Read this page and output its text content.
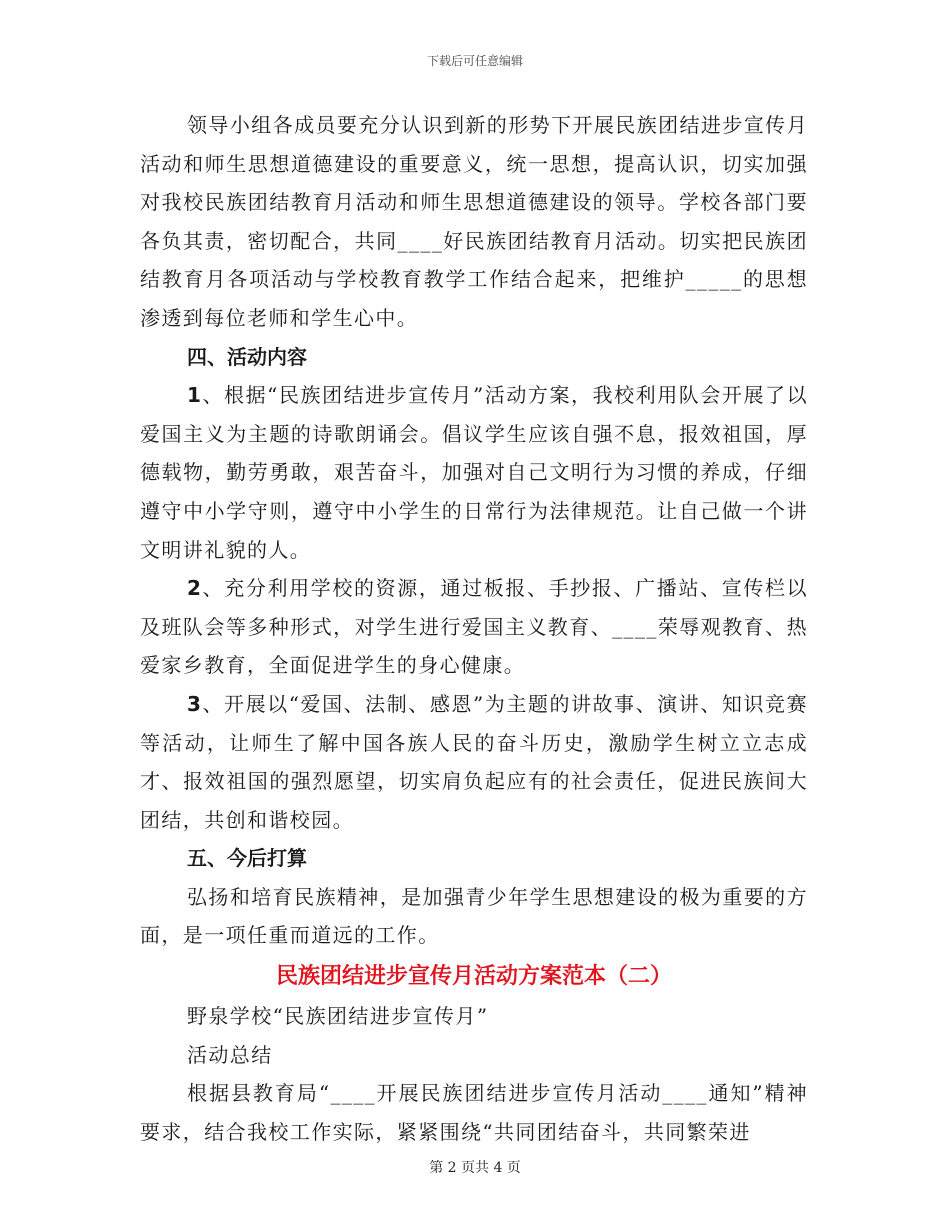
下载后可任意编辑

领导小组各成员要充分认识到新的形势下开展民族团结进步宣传月活动和师生思想道德建设的重要意义，统一思想，提高认识，切实加强对我校民族团结教育月活动和师生思想道德建设的领导。学校各部门要各负其责，密切配合，共同____好民族团结教育月活动。切实把民族团结教育月各项活动与学校教育教学工作结合起来，把维护_____的思想渗透到每位老师和学生心中。

四、活动内容

1、根据“民族团结进步宣传月”活动方案，我校利用队会开展了以爱国主义为主题的诗歌朗诵会。倡议学生应该自强不息，报效祖国，厚德载物，勤劳勇敢，艰苦奋斗，加强对自己文明行为习惯的养成，仔细遵守中小学守则，遵守中小学生的日常行为法律规范。让自己做一个讲文明讲礼貌的人。

2、充分利用学校的资源，通过板报、手抄报、广播站、宣传栏以及班队会等多种形式，对学生进行爱国主义教育、____荣辱观教育、热爱家乡教育，全面促进学生的身心健康。

3、开展以“爱国、法制、感恩”为主题的讲故事、演讲、知识竞赛等活动，让师生了解中国各族人民的奋斗历史，激励学生树立立志成才、报效祖国的强烈愿望，切实肩负起应有的社会责任，促进民族间大团结，共创和谐校园。

五、今后打算

弘扬和培育民族精神，是加强青少年学生思想建设的极为重要的方面，是一项任重而道远的工作。

民族团结进步宣传月活动方案范本（二）

野泉学校“民族团结进步宣传月”

活动总结

根据县教育局“____开展民族团结进步宣传月活动____通知”精神要求，结合我校工作实际，紧紧围绕“共同团结奋斗，共同繁荣进

第 2 页共 4 页
